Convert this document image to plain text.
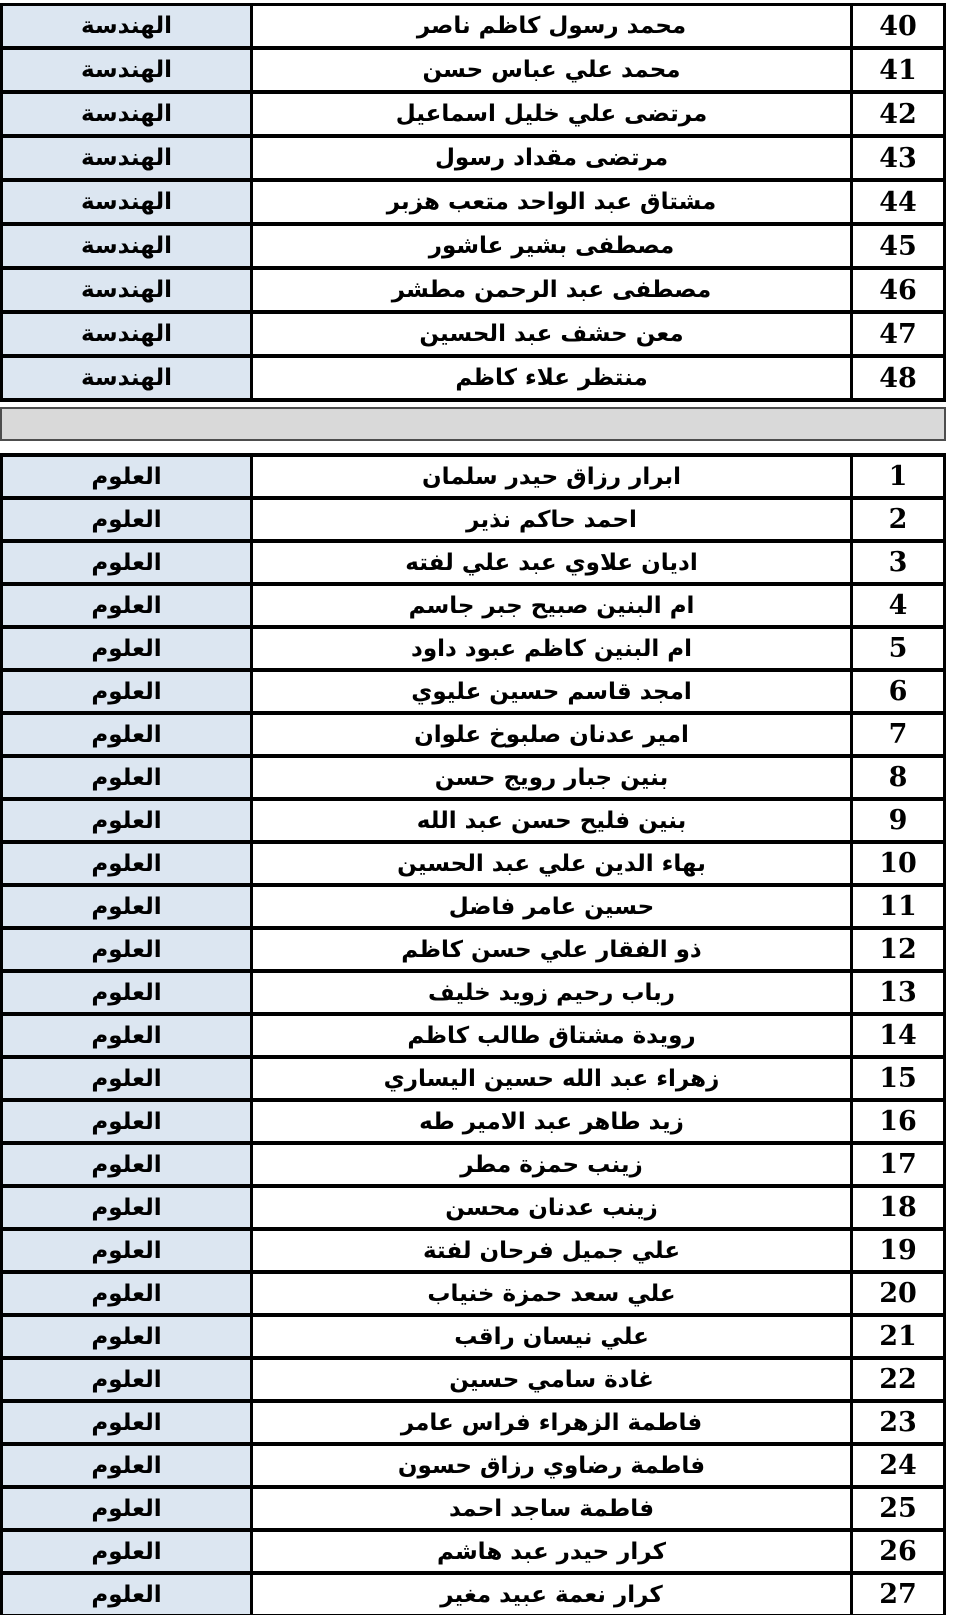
الهندسة	محمد رسول كاظم ناصر	40
الهندسة	محمد علي عباس حسن	41
الهندسة	مرتضى علي خليل اسماعيل	42
الهندسة	مرتضى مقداد رسول	43
الهندسة	مشتاق عبد الواحد متعب هزبر	44
الهندسة	مصطفى بشير عاشور	45
الهندسة	مصطفى عبد الرحمن مطشر	46
الهندسة	معن حشف عبد الحسين	47
الهندسة	منتظر علاء كاظم	48
العلوم	ابرار رزاق حيدر سلمان	1
العلوم	احمد حاكم نذير	2
العلوم	اديان علاوي عبد علي لفته	3
العلوم	ام البنين صبيح جبر جاسم	4
العلوم	ام البنين كاظم عبود داود	5
العلوم	امجد قاسم حسين عليوي	6
العلوم	امير عدنان صلبوخ علوان	7
العلوم	بنين جبار رويج حسن	8
العلوم	بنين فليح حسن عبد الله	9
العلوم	بهاء الدين علي عبد الحسين	10
العلوم	حسين عامر فاضل	11
العلوم	ذو الفقار علي حسن كاظم	12
العلوم	رباب رحيم زويد خليف	13
العلوم	رويدة مشتاق طالب كاظم	14
العلوم	زهراء عبد الله حسين اليساري	15
العلوم	زيد طاهر عبد الامير طه	16
العلوم	زينب حمزة مطر	17
العلوم	زينب عدنان محسن	18
العلوم	علي جميل فرحان لفتة	19
العلوم	علي سعد حمزة خنياب	20
العلوم	علي نيسان راقب	21
العلوم	غادة سامي حسين	22
العلوم	فاطمة الزهراء فراس عامر	23
العلوم	فاطمة رضاوي رزاق حسون	24
العلوم	فاطمة ساجد احمد	25
العلوم	كرار حيدر عبد هاشم	26
العلوم	كرار نعمة عبيد مغير	27
